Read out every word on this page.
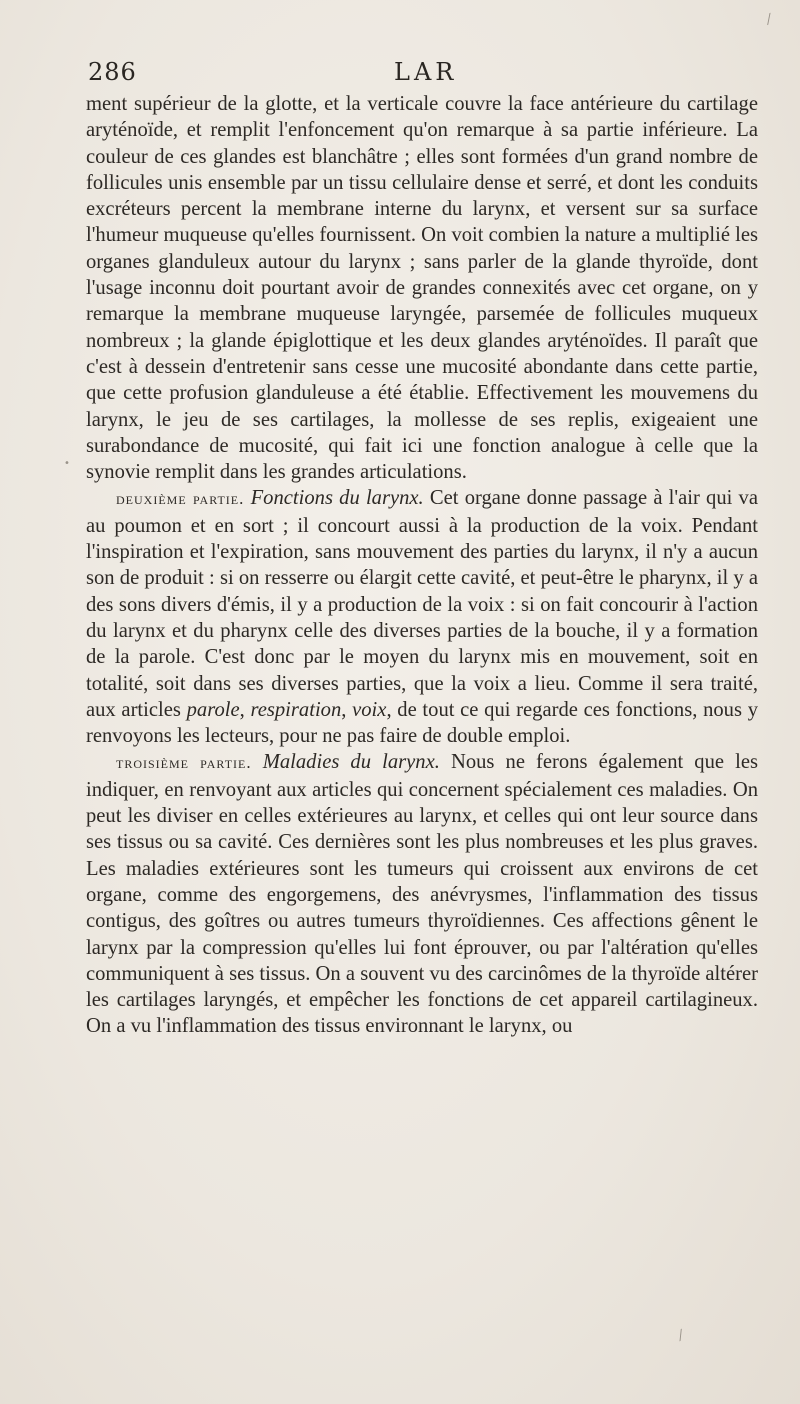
⁄
•
⁄
286	LAR

ment supérieur de la glotte, et la verticale couvre la face antérieure du cartilage aryténoïde, et remplit l'enfoncement qu'on remarque à sa partie inférieure. La couleur de ces glandes est blanchâtre ; elles sont formées d'un grand nombre de follicules unis ensemble par un tissu cellulaire dense et serré, et dont les conduits excréteurs percent la membrane interne du larynx, et versent sur sa surface l'humeur muqueuse qu'elles fournissent. On voit combien la nature a multiplié les organes glanduleux autour du larynx ; sans parler de la glande thyroïde, dont l'usage inconnu doit pourtant avoir de grandes connexités avec cet organe, on y remarque la membrane muqueuse laryngée, parsemée de follicules muqueux nombreux ; la glande épiglottique et les deux glandes aryténoïdes. Il paraît que c'est à dessein d'entretenir sans cesse une mucosité abondante dans cette partie, que cette profusion glanduleuse a été établie. Effectivement les mouvemens du larynx, le jeu de ses cartilages, la mollesse de ses replis, exigeaient une surabondance de mucosité, qui fait ici une fonction analogue à celle que la synovie remplit dans les grandes articulations.

deuxième partie. Fonctions du larynx. Cet organe donne passage à l'air qui va au poumon et en sort ; il concourt aussi à la production de la voix. Pendant l'inspiration et l'expiration, sans mouvement des parties du larynx, il n'y a aucun son de produit : si on resserre ou élargit cette cavité, et peut-être le pharynx, il y a des sons divers d'émis, il y a production de la voix : si on fait concourir à l'action du larynx et du pharynx celle des diverses parties de la bouche, il y a formation de la parole. C'est donc par le moyen du larynx mis en mouvement, soit en totalité, soit dans ses diverses parties, que la voix a lieu. Comme il sera traité, aux articles parole, respiration, voix, de tout ce qui regarde ces fonctions, nous y renvoyons les lecteurs, pour ne pas faire de double emploi.

troisième partie. Maladies du larynx. Nous ne ferons également que les indiquer, en renvoyant aux articles qui concernent spécialement ces maladies. On peut les diviser en celles extérieures au larynx, et celles qui ont leur source dans ses tissus ou sa cavité. Ces dernières sont les plus nombreuses et les plus graves. Les maladies extérieures sont les tumeurs qui croissent aux environs de cet organe, comme des engorgemens, des anévrysmes, l'inflammation des tissus contigus, des goîtres ou autres tumeurs thyroïdiennes. Ces affections gênent le larynx par la compression qu'elles lui font éprouver, ou par l'altération qu'elles communiquent à ses tissus. On a souvent vu des carcinômes de la thyroïde altérer les cartilages laryngés, et empêcher les fonctions de cet appareil cartilagineux. On a vu l'inflammation des tissus environnant le larynx, ou
